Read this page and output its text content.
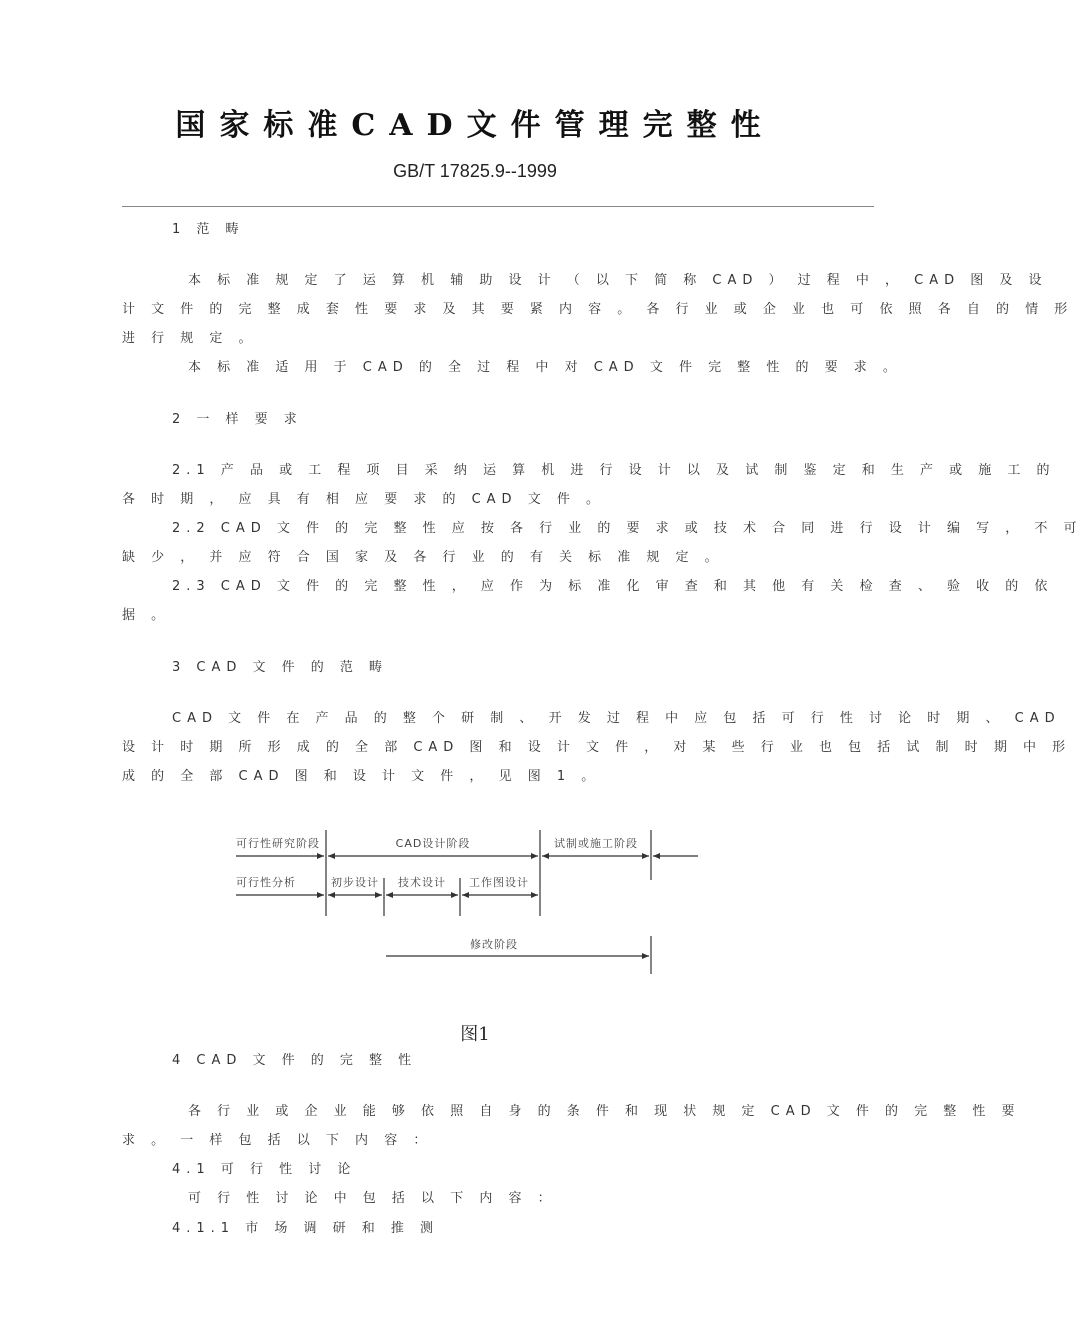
国家标准CAD文件管理完整性
GB/T 17825.9--1999
1 范 畴
本 标 准 规 定 了 运 算 机 辅 助 设 计 （ 以 下 简 称 CAD ） 过 程 中 ， CAD 图 及 设
计 文 件 的 完 整 成 套 性 要 求 及 其 要 紧 内 容 。 各 行 业 或 企 业 也 可 依 照 各 自 的 情 形
进 行 规 定 。
本 标 准 适 用 于 CAD 的 全 过 程 中 对 CAD 文 件 完 整 性 的 要 求 。
2 一 样 要 求
2.1 产 品 或 工 程 项 目 采 纳 运 算 机 进 行 设 计 以 及 试 制 鉴 定 和 生 产 或 施 工 的
各 时 期 ， 应 具 有 相 应 要 求 的 CAD 文 件 。
2.2 CAD 文 件 的 完 整 性 应 按 各 行 业 的 要 求 或 技 术 合 同 进 行 设 计 编 写 ， 不 可
缺 少 ， 并 应 符 合 国 家 及 各 行 业 的 有 关 标 准 规 定 。
2.3 CAD 文 件 的 完 整 性 ， 应 作 为 标 准 化 审 查 和 其 他 有 关 检 查 、 验 收 的 依
据 。
3 CAD 文 件 的 范 畴
CAD 文 件 在 产 品 的 整 个 研 制 、 开 发 过 程 中 应 包 括 可 行 性 讨 论 时 期 、 CAD
设 计 时 期 所 形 成 的 全 部 CAD 图 和 设 计 文 件 ， 对 某 些 行 业 也 包 括 试 制 时 期 中 形
成 的 全 部 CAD 图 和 设 计 文 件 ， 见 图 1 。
可行性研究阶段	CAD设计阶段	试制或施工阶段
可行性分析	初步设计 技术设计 工作图设计
修改阶段
图1
4 CAD 文 件 的 完 整 性
各 行 业 或 企 业 能 够 依 照 自 身 的 条 件 和 现 状 规 定 CAD 文 件 的 完 整 性 要
求 。 一 样 包 括 以 下 内 容 ：
4.1 可 行 性 讨 论
可 行 性 讨 论 中 包 括 以 下 内 容 ：
4.1.1 市 场 调 研 和 推 测
